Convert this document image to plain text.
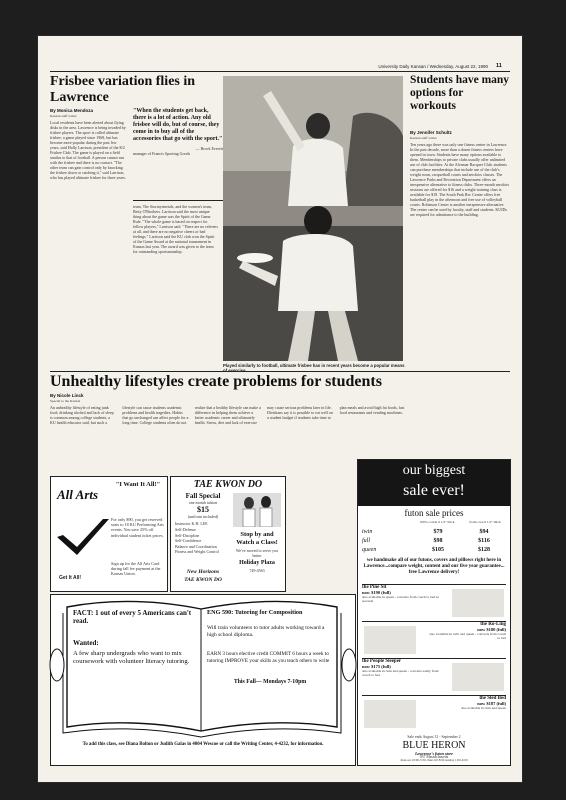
University Daily Kansan / Wednesday, August 22, 1990 11
Frisbee variation flies in Lawrence
By Monica Mendoza
Kansan staff writer
Local residents have been alerted about flying disks in the area. Lawrence is being invaded by frisbee players. The sport is called ultimate frisbee, a game played since 1968, but has become more popular during the past few years, said Holly Larrison, president of the KU Frisbee Club. The game is played on a field similar to that of football. A person cannot run with the frisbee and there is no contact. "The other team can gain control only by knocking the frisbee down or catching it," said Larrison, who has played ultimate frisbee for three years.
"When the students get back, there is a lot of action. Any old frisbee will do, but of course, they come in to buy all of the accessories that go with the sport."
— Brock Everett
manager of Francis Sporting Goods
team, The Stormyrinetals, and the women's team, Betty O'Brothers. Larrison said the most unique thing about the game was the Spirit of the Game Rule. "The whole game is based on respect for fellow players," Larrison said. "There are no referees at all, and there are no negative cheers or bad feelings." Larrison said the KU club won the Spirit of the Game Award at the national tournament in Kansas last year. The award was given to the team for outstanding sportsmanship.
Played similarly to football, ultimate frisbee has in recent years become a popular means
Students have many options for workouts
By Jennifer Schultz
Kansan staff writer
Ten years ago there was only one fitness center in Lawrence. In the past decade, more than a dozen fitness centers have opened in town. Students have many options available to them. Memberships to private clubs usually offer unlimited use of club facilities. At the Alvamar Racquet Club, students can purchase memberships that include use of the club's weight room, racquetball courts and aerobics classes. The Lawrence Parks and Recreation Department offers an inexpensive alternative to fitness clubs. Three-month aerobics sessions are offered for $16 and a weight training class is available for $18. The South Park Rec Center offers free basketball play in the afternoon and free use of volleyball courts. Robinson Center is another inexpensive alternative. The center can be used by faculty, staff and students. KUIDs are required for admittance to the building.
Unhealthy lifestyles create problems for students
By Nicole Linck
Special to the Kansan
An unhealthy lifestyle of eating junk food, drinking alcohol and lack of sleep is common among college students, a KU health educator said, but such a lifestyle can cause students academic problems and health tragedies. Habits that go unchanged can affect people for a long time. College students often do not realize that a healthy lifestyle can make a difference in helping them achieve a better academic career and ultimately health. Stress, diet and lack of exercise may cause serious problems later in life. Dietitians say it is possible to eat well on a student budget if students take time to plan meals and avoid high fat foods, fast food restaurants and vending machines.
All Arts
Get It All!
"I Want It All!"
For only $90, you get reserved seats to 18 KU Performing Arts events. You save 25% off individual student ticket prices.
Sign up for the All Arts Card during fall fee payment at the Kansas Union.
TAE KWON DO
Fall Special
one month tuition
$15
(uniform included)
Instructor K.H. LEE
Self-Defense
Self-Discipline
Self-Confidence
Balance and Coordination
Fitness and Weight Control
Stop by and Watch a Class!
We've moved to serve you better
Holiday Plaza
749-4563
New Horizons
TAE KWON DO
our biggest
sale ever!
futon sale prices
100% cotton 6 1/2" thick	foam core 6 1/2" thick
twin	$79	$94
full	$98	$116
queen	$105	$128
we handmake all of our futons, covers and pillows right here in Lawrence...compare weight, content and our five year guarantee... free Lawrence delivery!
the Pine Sit
now $190 (full)
also available in queen - converts from couch to bed in seconds
the Ro-Ling
now $180 (full)
also available in twin and queen - converts from couch to bed
the People Sleeper
now $175 (full)
also available in twin and queen - converts easily from couch to bed
the Sled Bed
now $187 (full)
also available in twin and queen
Sale ends August 31 - September 2
BLUE HERON
Lawrence's futon store
937 Massachusetts
mon-sat 10:00-5:30, thurs till 8:00 sunday 1:00-4:00
FACT: 1 out of every 5 Americans can't read.
Wanted:
A few sharp undergrads who want to mix coursework with volunteer literacy tutoring.
ENG 590: Tutoring for Composition
Will train volunteers to tutor adults working toward a high school diploma.
EARN 3 hours elective credit COMMIT 6 hours a week to tutoring IMPROVE your skills as you teach others to write
This Fall— Mondays 7-10pm
To add this class, see Diana Bolton or Judith Galas in 4004 Wescoe or call the Writing Center, 4-4232, for information.
